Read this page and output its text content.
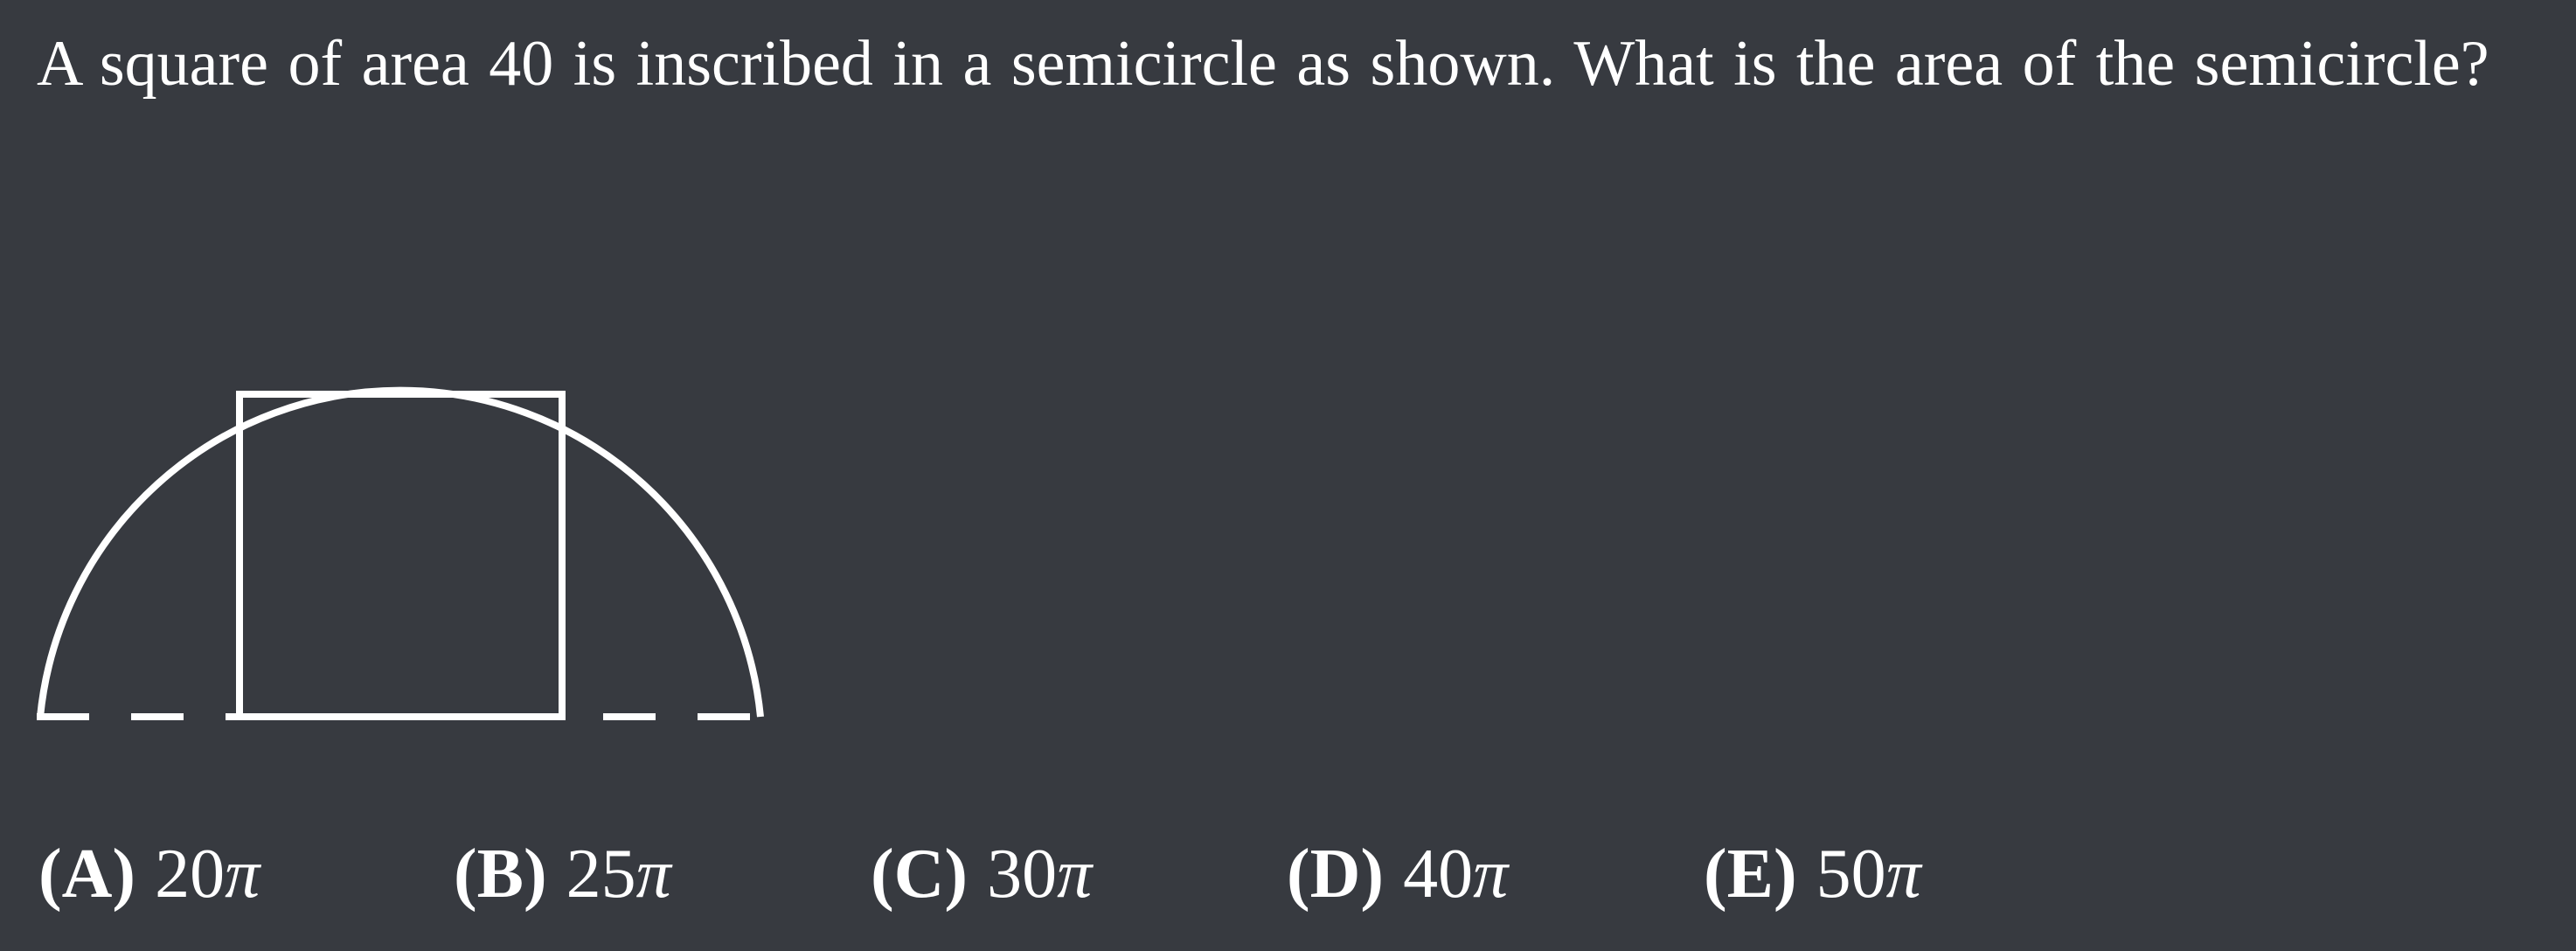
A square of area 40 is inscribed in a semicircle as shown. What is the area of the semicircle?
(A) 20π	(B) 25π	(C) 30π	(D) 40π	(E) 50π
